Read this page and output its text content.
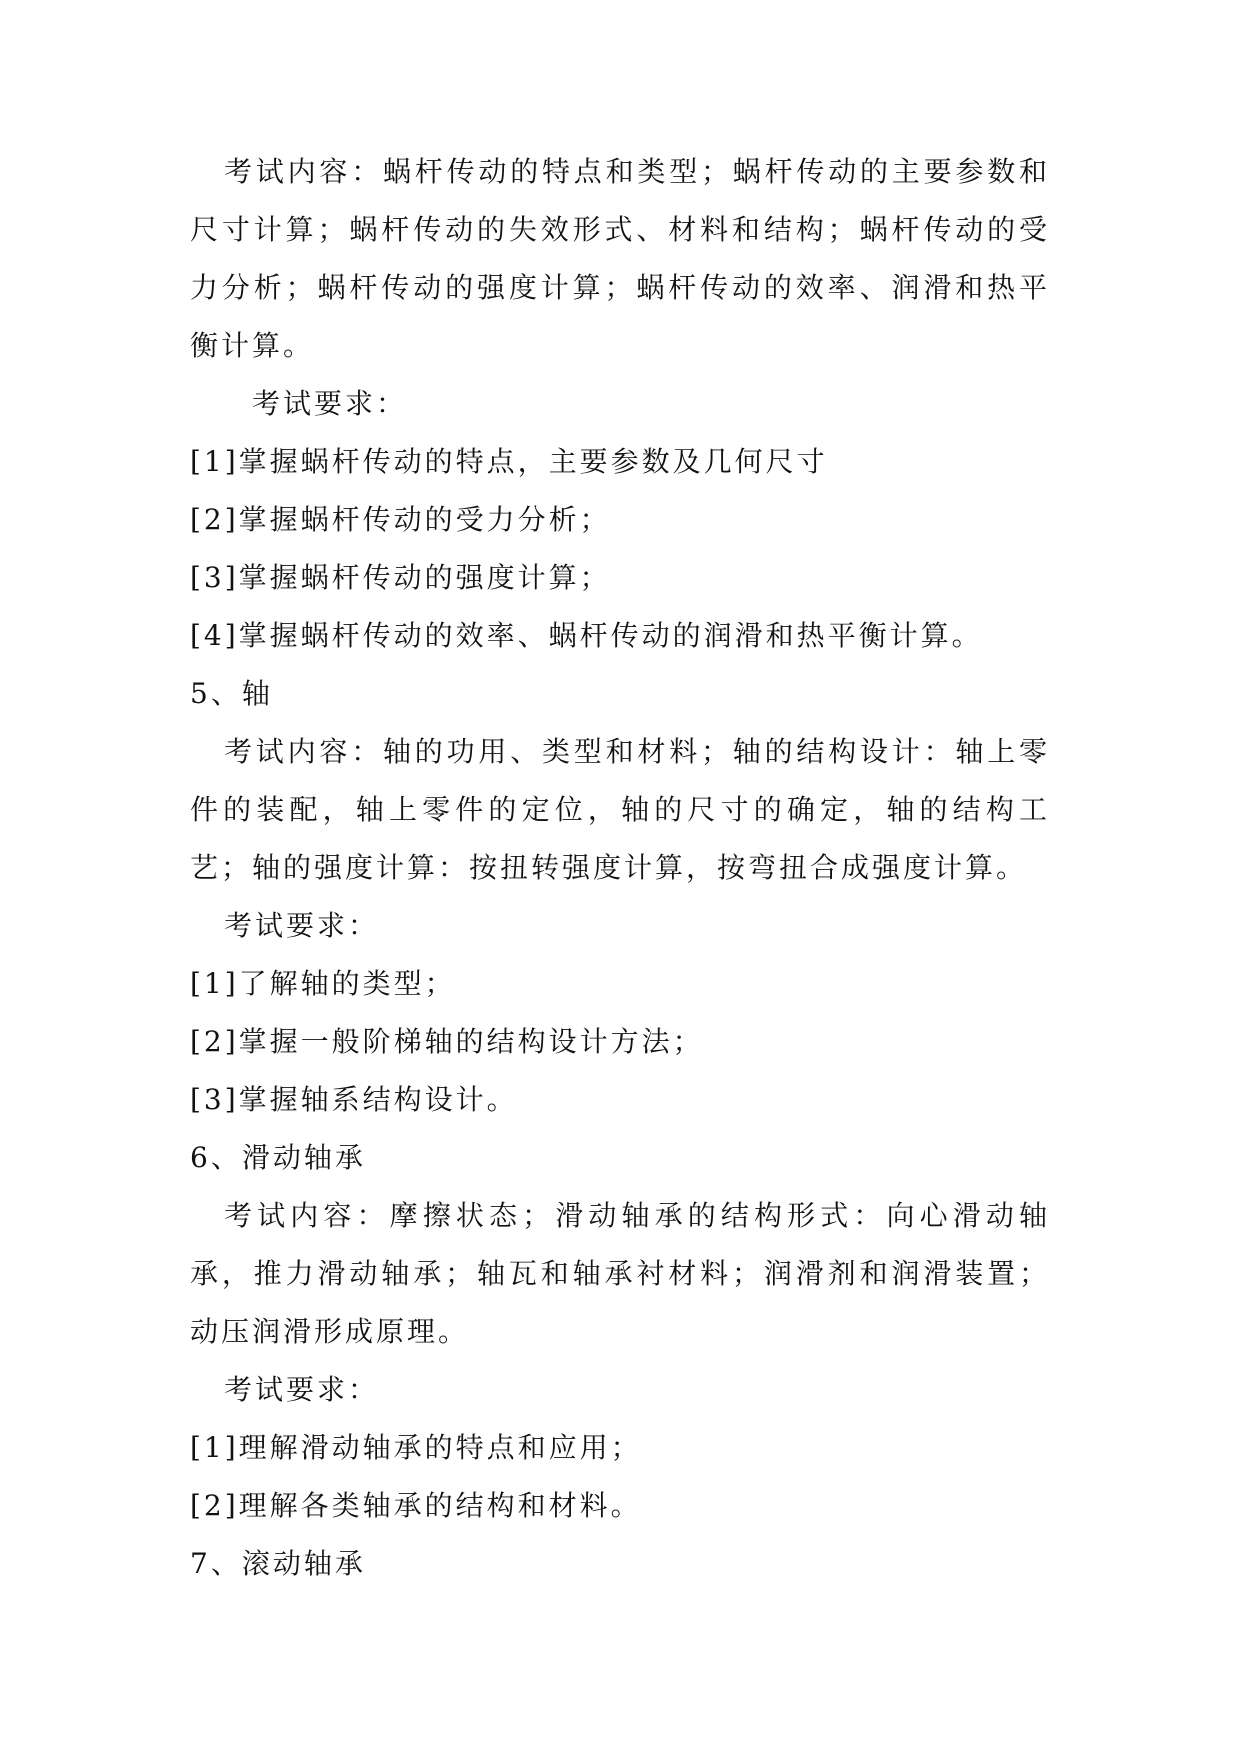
考试内容：蜗杆传动的特点和类型；蜗杆传动的主要参数和尺寸计算；蜗杆传动的失效形式、材料和结构；蜗杆传动的受力分析；蜗杆传动的强度计算；蜗杆传动的效率、润滑和热平衡计算。
考试要求：
[1]掌握蜗杆传动的特点，主要参数及几何尺寸
[2]掌握蜗杆传动的受力分析；
[3]掌握蜗杆传动的强度计算；
[4]掌握蜗杆传动的效率、蜗杆传动的润滑和热平衡计算。
5、轴
考试内容：轴的功用、类型和材料；轴的结构设计：轴上零件的装配，轴上零件的定位，轴的尺寸的确定，轴的结构工艺；轴的强度计算：按扭转强度计算，按弯扭合成强度计算。
考试要求：
[1]了解轴的类型；
[2]掌握一般阶梯轴的结构设计方法；
[3]掌握轴系结构设计。
6、滑动轴承
考试内容：摩擦状态；滑动轴承的结构形式：向心滑动轴承，推力滑动轴承；轴瓦和轴承衬材料；润滑剂和润滑装置；动压润滑形成原理。
考试要求：
[1]理解滑动轴承的特点和应用；
[2]理解各类轴承的结构和材料。
7、滚动轴承
